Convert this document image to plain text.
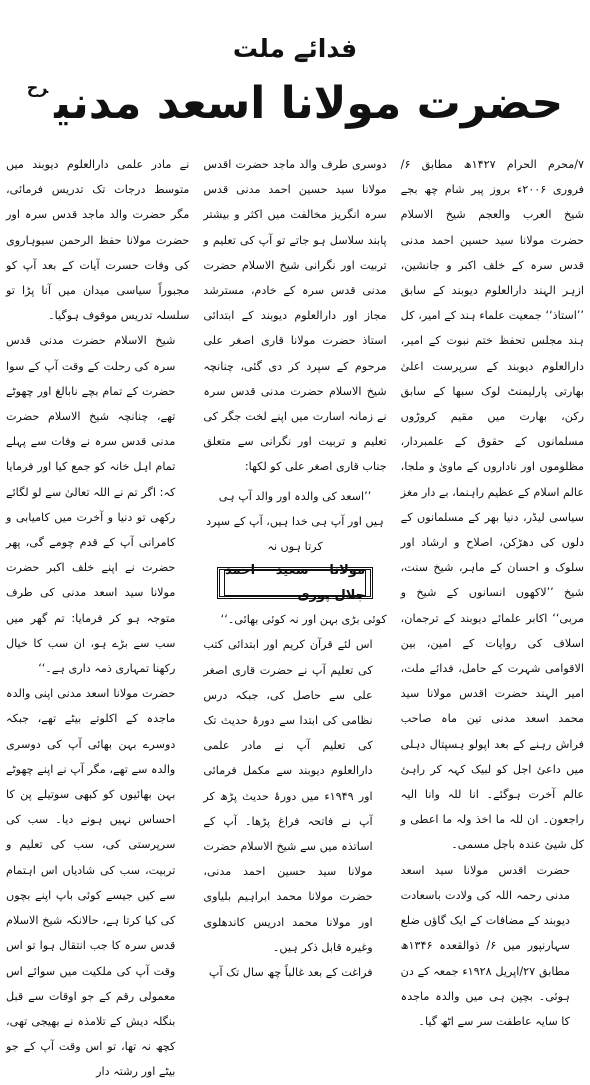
فدائے ملت
حضرت مولانا اسعد مدنیرح

۷/محرم الحرام ۱۴۲۷ھ مطابق ۶/فروری ۲۰۰۶ء بروز پیر شام چھ بجے شیخ العرب والعجم شیخ الاسلام حضرت مولانا سید حسین احمد مدنی قدس سرہ کے خلف اکبر و جانشین، ازہر الہند دارالعلوم دیوبند کے سابق ’’استاذ‘‘ جمعیت علماء ہند کے امیر، کل ہند مجلس تحفظ ختم نبوت کے امیر، دارالعلوم دیوبند کے سرپرست اعلیٰ بھارتی پارلیمنٹ لوک سبھا کے سابق رکن، بھارت میں مقیم کروڑوں مسلمانوں کے حقوق کے علمبردار، مظلوموں اور ناداروں کے ماویٰ و ملجا، عالم اسلام کے عظیم راہنما، بے دار مغز سیاسی لیڈر، دنیا بھر کے مسلمانوں کے دلوں کی دھڑکن، اصلاح و ارشاد اور سلوک و احسان کے ماہر، شیخ سنت، شیخ ’’لاکھوں انسانوں کے شیخ و مربی‘‘ اکابر علمائے دیوبند کے ترجمان، اسلاف کی روایات کے امین، بین الاقوامی شہرت کے حامل، فدائے ملت، امیر الہند حضرت اقدس مولانا سید محمد اسعد مدنی تین ماہ صاحب فراش رہنے کے بعد اپولو ہسپتال دہلی میں داعیٔ اجل کو لبیک کہہ کر راہیٔ عالم آخرت ہوگئے۔ انا للہ وانا الیہ راجعون۔ ان للہ ما اخذ ولہ ما اعطی و کل شیئ عندہ باجل مسمی۔

حضرت اقدس مولانا سید اسعد مدنی رحمہ اللہ کی ولادت باسعادت دیوبند کے مضافات کے ایک گاؤں ضلع سہارنپور میں ۶/ ذوالقعدہ ۱۳۴۶ھ مطابق ۲۷/اپریل ۱۹۲۸ء جمعہ کے دن ہوئی۔ بچپن ہی میں والدہ ماجدہ کا سایہ عاطفت سر سے اٹھ گیا۔

دوسری طرف والد ماجد حضرت اقدس مولانا سید حسین احمد مدنی قدس سرہ انگریز مخالفت میں اکثر و بیشتر پابند سلاسل ہو جاتے تو آپ کی تعلیم و تربیت اور نگرانی شیخ الاسلام حضرت مدنی قدس سرہ کے خادم، مسترشد مجاز اور دارالعلوم دیوبند کے ابتدائی استاذ حضرت مولانا قاری اصغر علی مرحوم کے سپرد کر دی گئی، چنانچہ شیخ الاسلام حضرت مدنی قدس سرہ نے زمانہ اسارت میں اپنے لخت جگر کی تعلیم و تربیت اور نگرانی سے متعلق جناب قاری اصغر علی کو لکھا:

’’اسعد کی والدہ اور والد آپ ہی
ہیں اور آپ ہی خدا ہیں، آپ کے سپرد کرتا ہوں نہ
مولانا سعید احمد جلال پوری

کوئی بڑی بہن اور نہ کوئی بھائی۔‘‘

اس لئے قرآن کریم اور ابتدائی کتب کی تعلیم آپ نے حضرت قاری اصغر علی سے حاصل کی، جبکہ درس نظامی کی ابتدا سے دورۂ حدیث تک کی تعلیم آپ نے مادر علمی دارالعلوم دیوبند سے مکمل فرمائی اور ۱۹۴۹ء میں دورۂ حدیث پڑھ کر آپ نے فاتحہ فراغ پڑھا۔ آپ کے اساتذہ میں سے شیخ الاسلام حضرت مولانا سید حسین احمد مدنی، حضرت مولانا محمد ابراہیم بلیاوی اور مولانا محمد ادریس کاندھلوی وغیرہ قابل ذکر ہیں۔

فراغت کے بعد غالباً چھ سال تک آپ

نے مادر علمی دارالعلوم دیوبند میں متوسط درجات تک تدریس فرمائی، مگر حضرت والد ماجد قدس سرہ اور حضرت مولانا حفظ الرحمن سیوہاروی کی وفات حسرت آیات کے بعد آپ کو مجبوراً سیاسی میدان میں آنا پڑا تو سلسلہ تدریس موقوف ہوگیا۔

شیخ الاسلام حضرت مدنی قدس سرہ کی رحلت کے وقت آپ کے سوا حضرت کے تمام بچے نابالغ اور چھوٹے تھے، چنانچہ شیخ الاسلام حضرت مدنی قدس سرہ نے وفات سے پہلے تمام اہل خانہ کو جمع کیا اور فرمایا کہ: اگر تم نے اللہ تعالیٰ سے لو لگائے رکھی تو دنیا و آخرت میں کامیابی و کامرانی آپ کے قدم چومے گی، پھر حضرت نے اپنے خلف اکبر حضرت مولانا سید اسعد مدنی کی طرف متوجہ ہو کر فرمایا: تم گھر میں سب سے بڑے ہو، ان سب کا خیال رکھنا تمہاری ذمہ داری ہے۔‘‘

حضرت مولانا اسعد مدنی اپنی والدہ ماجدہ کے اکلوتے بیٹے تھے، جبکہ دوسرے بہن بھائی آپ کی دوسری والدہ سے تھے، مگر آپ نے اپنے چھوٹے بہن بھائیوں کو کبھی سوتیلے پن کا احساس نہیں ہونے دیا۔ سب کی سرپرستی کی، سب کی تعلیم و تربیت، سب کی شادیاں اس اہتمام سے کیں جیسے کوئی باپ اپنے بچوں کی کیا کرتا ہے، حالانکہ شیخ الاسلام قدس سرہ کا جب انتقال ہوا تو اس وقت آپ کی ملکیت میں سوائے اس معمولی رقم کے جو اوقات سے قبل بنگلہ دیش کے تلامذہ نے بھیجی تھی، کچھ نہ تھا، تو اس وقت آپ کے جو بیٹے اور رشتہ دار
